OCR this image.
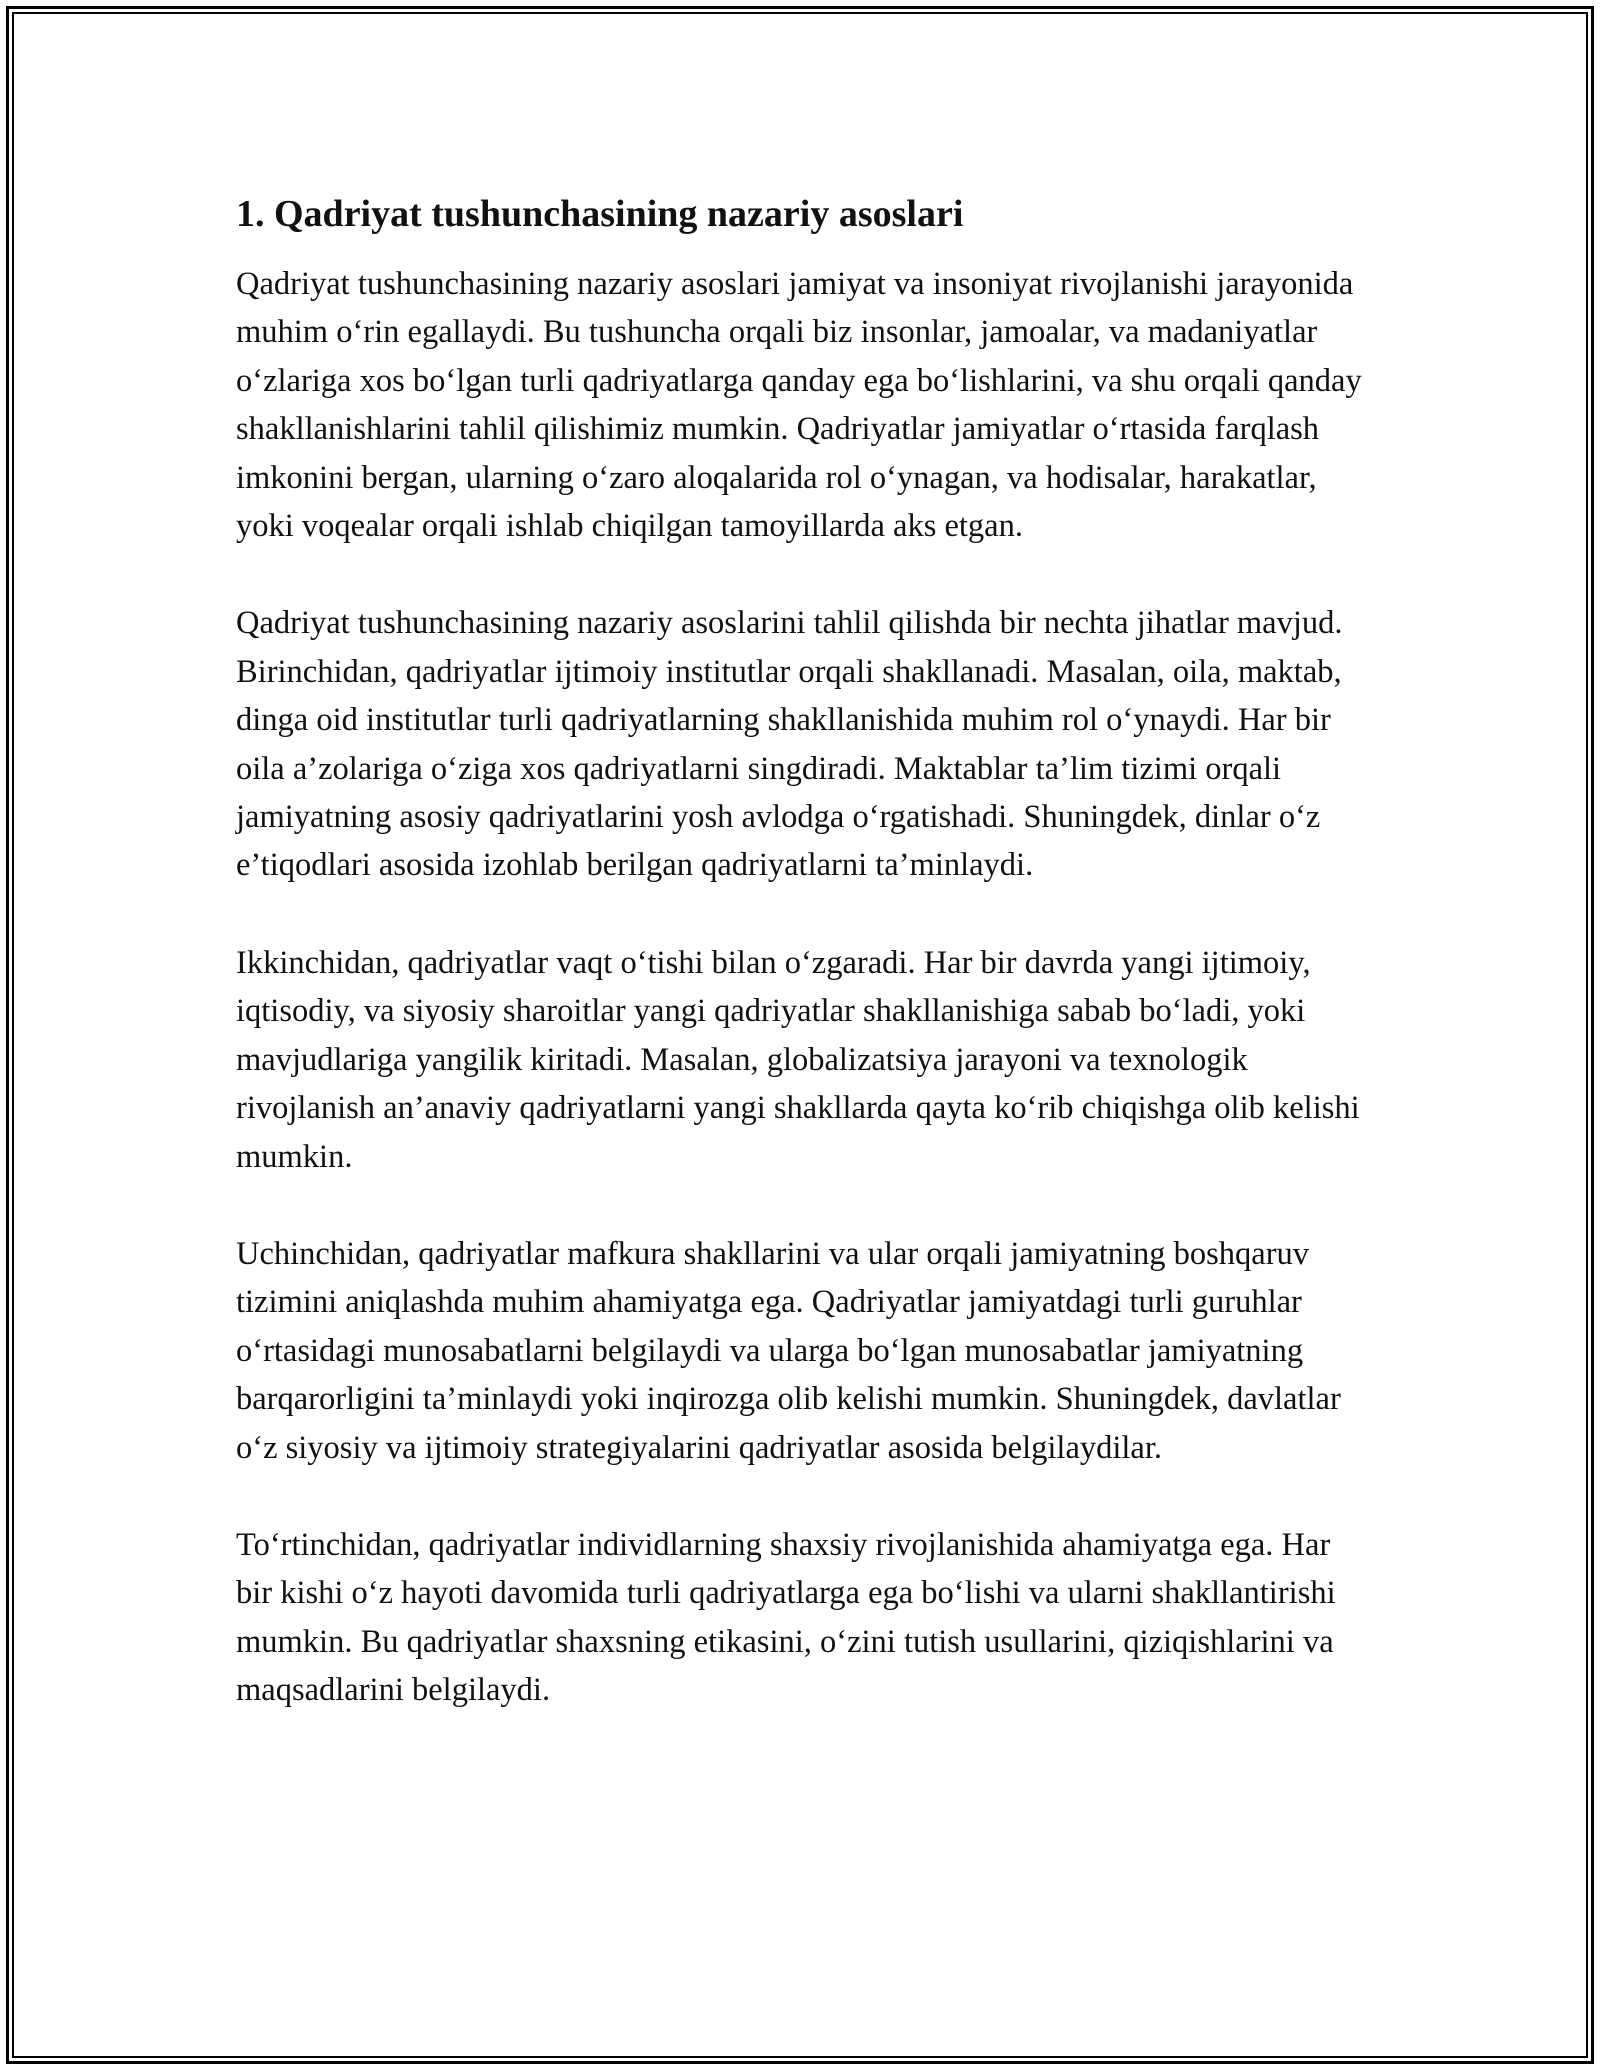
1. Qadriyat tushunchasining nazariy asoslari

Qadriyat tushunchasining nazariy asoslari jamiyat va insoniyat rivojlanishi jarayonida muhim o‘rin egallaydi. Bu tushuncha orqali biz insonlar, jamoalar, va madaniyatlar o‘zlariga xos bo‘lgan turli qadriyatlarga qanday ega bo‘lishlarini, va shu orqali qanday shakllanishlarini tahlil qilishimiz mumkin. Qadriyatlar jamiyatlar o‘rtasida farqlash imkonini bergan, ularning o‘zaro aloqalarida rol o‘ynagan, va hodisalar, harakatlar, yoki voqealar orqali ishlab chiqilgan tamoyillarda aks etgan.

Qadriyat tushunchasining nazariy asoslarini tahlil qilishda bir nechta jihatlar mavjud. Birinchidan, qadriyatlar ijtimoiy institutlar orqali shakllanadi. Masalan, oila, maktab, dinga oid institutlar turli qadriyatlarning shakllanishida muhim rol o‘ynaydi. Har bir oila a’zolariga o‘ziga xos qadriyatlarni singdiradi. Maktablar ta’lim tizimi orqali jamiyatning asosiy qadriyatlarini yosh avlodga o‘rgatishadi. Shuningdek, dinlar o‘z e’tiqodlari asosida izohlab berilgan qadriyatlarni ta’minlaydi.

Ikkinchidan, qadriyatlar vaqt o‘tishi bilan o‘zgaradi. Har bir davrda yangi ijtimoiy, iqtisodiy, va siyosiy sharoitlar yangi qadriyatlar shakllanishiga sabab bo‘ladi, yoki mavjudlariga yangilik kiritadi. Masalan, globalizatsiya jarayoni va texnologik rivojlanish an’anaviy qadriyatlarni yangi shakllarda qayta ko‘rib chiqishga olib kelishi mumkin.

Uchinchidan, qadriyatlar mafkura shakllarini va ular orqali jamiyatning boshqaruv tizimini aniqlashda muhim ahamiyatga ega. Qadriyatlar jamiyatdagi turli guruhlar o‘rtasidagi munosabatlarni belgilaydi va ularga bo‘lgan munosabatlar jamiyatning barqarorligini ta’minlaydi yoki inqirozga olib kelishi mumkin. Shuningdek, davlatlar o‘z siyosiy va ijtimoiy strategiyalarini qadriyatlar asosida belgilaydilar.

To‘rtinchidan, qadriyatlar individlarning shaxsiy rivojlanishida ahamiyatga ega. Har bir kishi o‘z hayoti davomida turli qadriyatlarga ega bo‘lishi va ularni shakllantirishi mumkin. Bu qadriyatlar shaxsning etikasini, o‘zini tutish usullarini, qiziqishlarini va maqsadlarini belgilaydi.
